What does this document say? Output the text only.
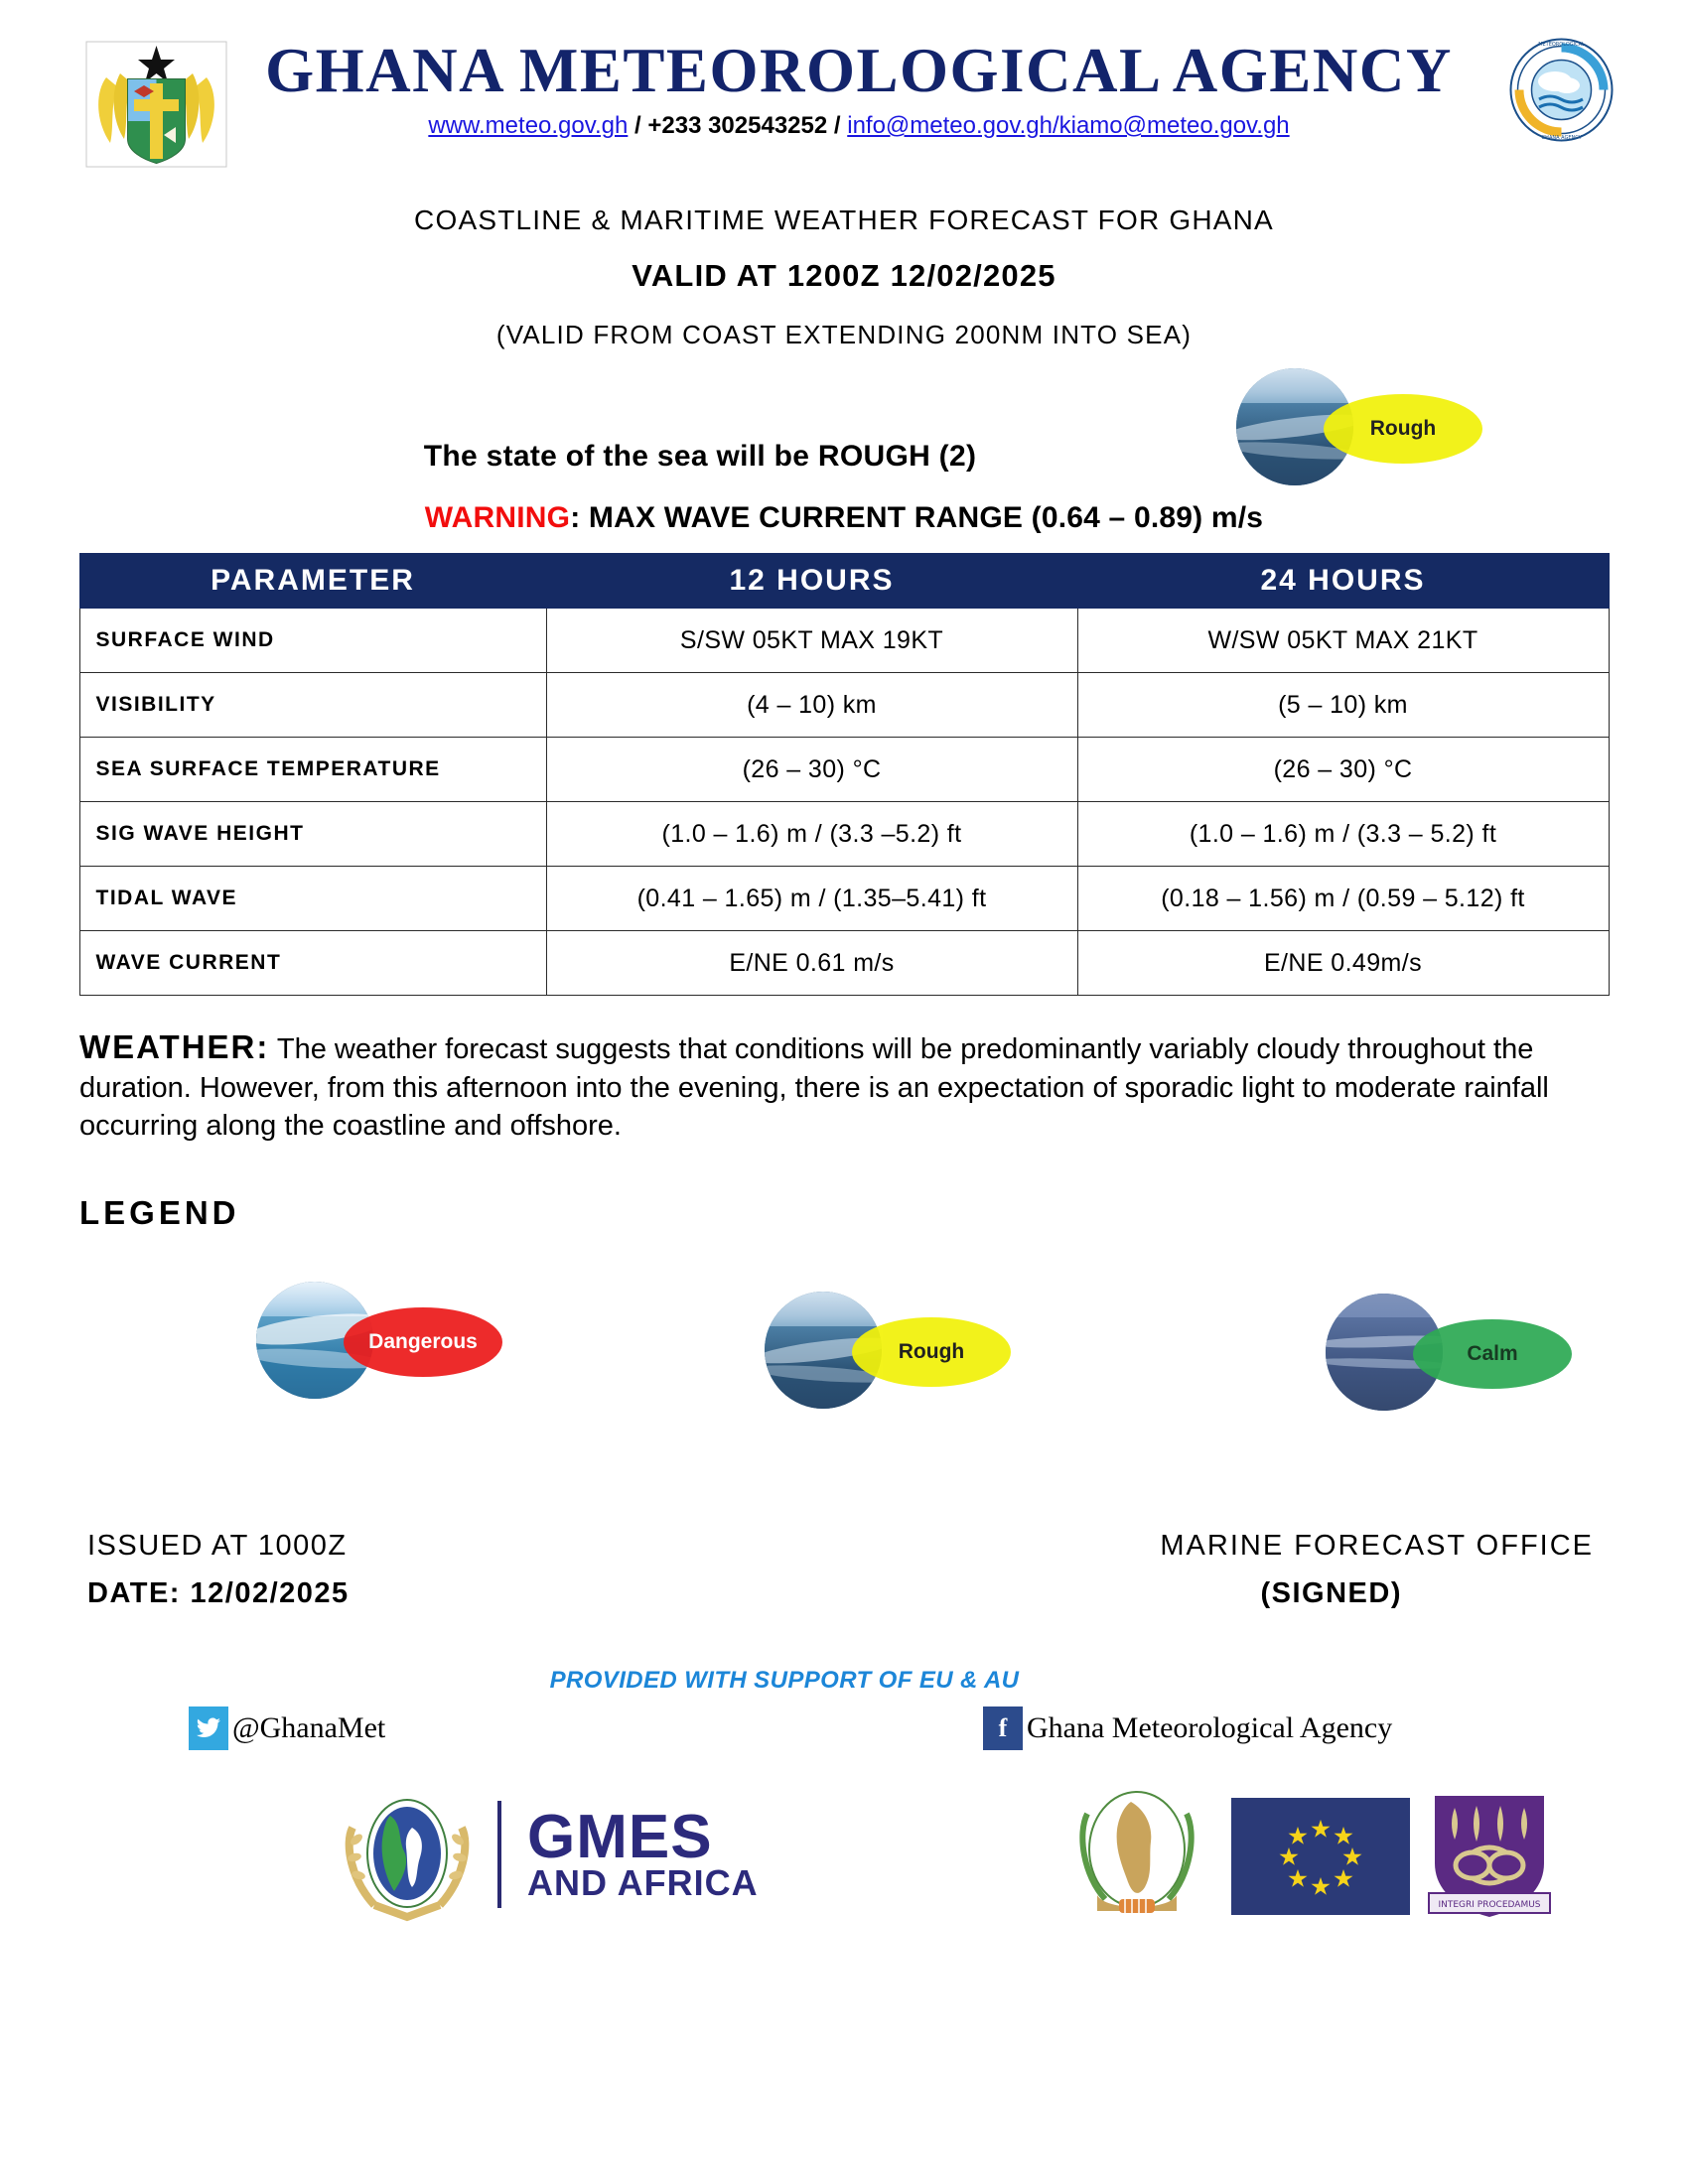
GHANA METEOROLOGICAL AGENCY
www.meteo.gov.gh / +233 302543252 / info@meteo.gov.gh/kiamo@meteo.gov.gh
METEOROLOGICAL
GHANA AGENCY
COASTLINE & MARITIME WEATHER FORECAST FOR GHANA
VALID AT 1200Z 12/02/2025
(VALID FROM COAST EXTENDING 200NM INTO SEA)
Rough
The state of the sea will be ROUGH (2)
WARNING: MAX WAVE CURRENT RANGE (0.64 – 0.89) m/s
PARAMETER	12 HOURS	24 HOURS
SURFACE WIND	S/SW 05KT MAX 19KT	W/SW 05KT MAX 21KT
VISIBILITY	(4 – 10) km	(5 – 10) km
SEA SURFACE TEMPERATURE	(26 – 30) °C	(26 – 30) °C
SIG WAVE HEIGHT	(1.0 – 1.6) m / (3.3 –5.2) ft	(1.0 – 1.6) m / (3.3 – 5.2) ft
TIDAL WAVE	(0.41 – 1.65) m / (1.35–5.41) ft	(0.18 – 1.56) m / (0.59 – 5.12) ft
WAVE CURRENT	E/NE 0.61 m/s	E/NE 0.49m/s
WEATHER: The weather forecast suggests that conditions will be predominantly variably cloudy throughout the duration. However, from this afternoon into the evening, there is an expectation of sporadic light to moderate rainfall occurring along the coastline and offshore.
LEGEND
Dangerous	Rough	Calm
ISSUED AT 1000Z
DATE: 12/02/2025
MARINE FORECAST OFFICE
(SIGNED)
PROVIDED WITH SUPPORT OF EU & AU
@GhanaMet	f Ghana Meteorological Agency
GMES
AND AFRICA
INTEGRI PROCEDAMUS
